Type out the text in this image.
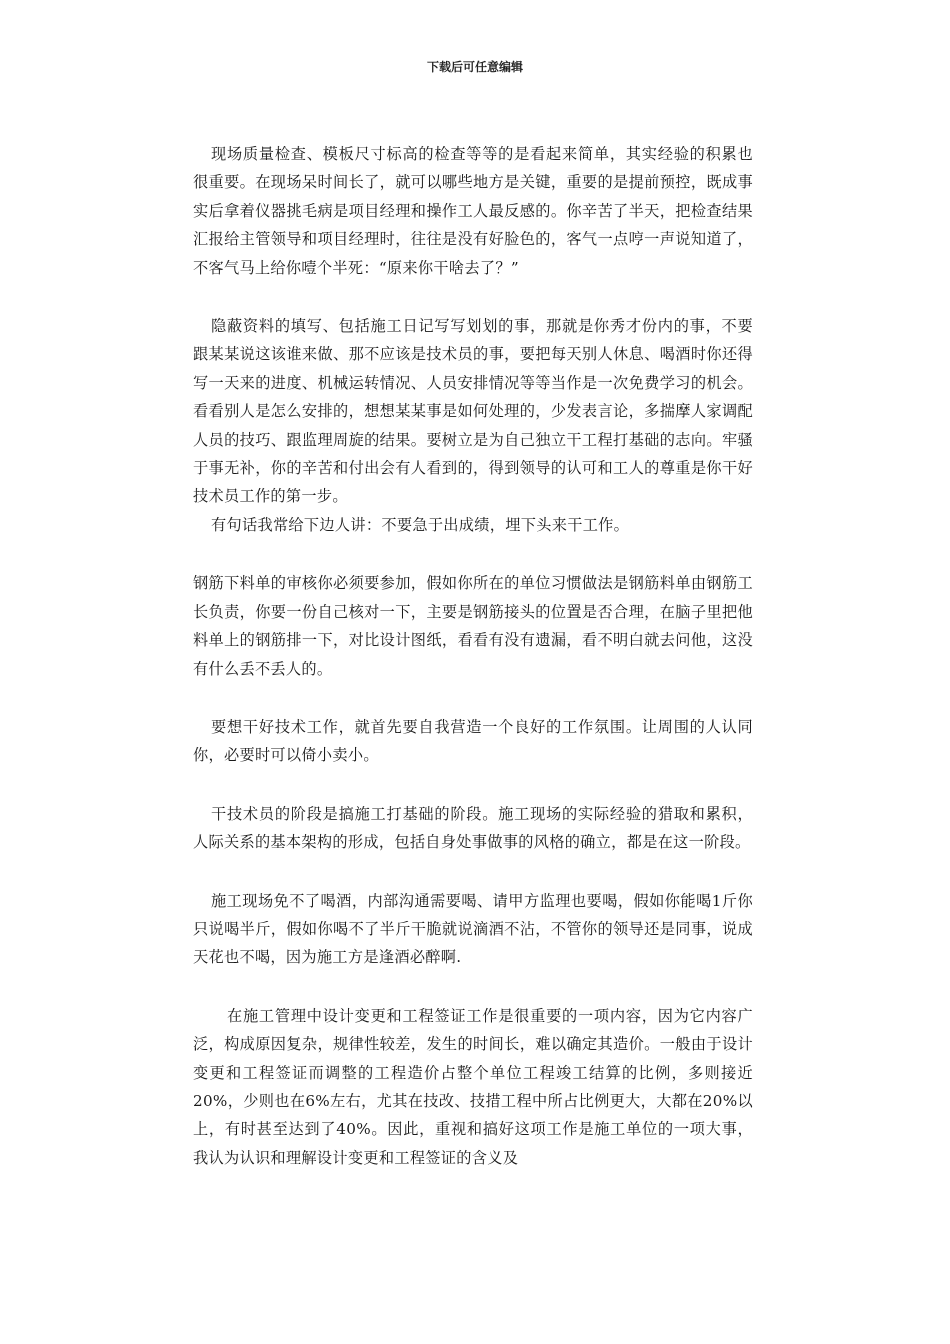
下载后可任意编辑

现场质量检查、模板尺寸标高的检查等等的是看起来简单，其实经验的积累也很重要。在现场呆时间长了，就可以哪些地方是关键，重要的是提前预控，既成事实后拿着仪器挑毛病是项目经理和操作工人最反感的。你辛苦了半天，把检查结果汇报给主管领导和项目经理时，往往是没有好脸色的，客气一点哼一声说知道了，不客气马上给你噎个半死：“原来你干啥去了？”

隐蔽资料的填写、包括施工日记写写划划的事，那就是你秀才份内的事，不要跟某某说这该谁来做、那不应该是技术员的事，要把每天别人休息、喝酒时你还得写一天来的进度、机械运转情况、人员安排情况等等当作是一次免费学习的机会。看看别人是怎么安排的，想想某某事是如何处理的，少发表言论，多揣摩人家调配人员的技巧、跟监理周旋的结果。要树立是为自己独立干工程打基础的志向。牢骚于事无补，你的辛苦和付出会有人看到的，得到领导的认可和工人的尊重是你干好技术员工作的第一步。

有句话我常给下边人讲：不要急于出成绩，埋下头来干工作。

钢筋下料单的审核你必须要参加，假如你所在的单位习惯做法是钢筋料单由钢筋工长负责，你要一份自己核对一下，主要是钢筋接头的位置是否合理，在脑子里把他料单上的钢筋排一下，对比设计图纸，看看有没有遗漏，看不明白就去问他，这没有什么丢不丢人的。

要想干好技术工作，就首先要自我营造一个良好的工作氛围。让周围的人认同你，必要时可以倚小卖小。

干技术员的阶段是搞施工打基础的阶段。施工现场的实际经验的猎取和累积，人际关系的基本架构的形成，包括自身处事做事的风格的确立，都是在这一阶段。

施工现场免不了喝酒，内部沟通需要喝、请甲方监理也要喝，假如你能喝1斤你只说喝半斤，假如你喝不了半斤干脆就说滴酒不沾，不管你的领导还是同事，说成天花也不喝，因为施工方是逢酒必醉啊.

在施工管理中设计变更和工程签证工作是很重要的一项内容，因为它内容广泛，构成原因复杂，规律性较差，发生的时间长，难以确定其造价。一般由于设计变更和工程签证而调整的工程造价占整个单位工程竣工结算的比例，多则接近20%，少则也在6%左右，尤其在技改、技措工程中所占比例更大，大都在20%以上，有时甚至达到了40%。因此，重视和搞好这项工作是施工单位的一项大事，我认为认识和理解设计变更和工程签证的含义及
